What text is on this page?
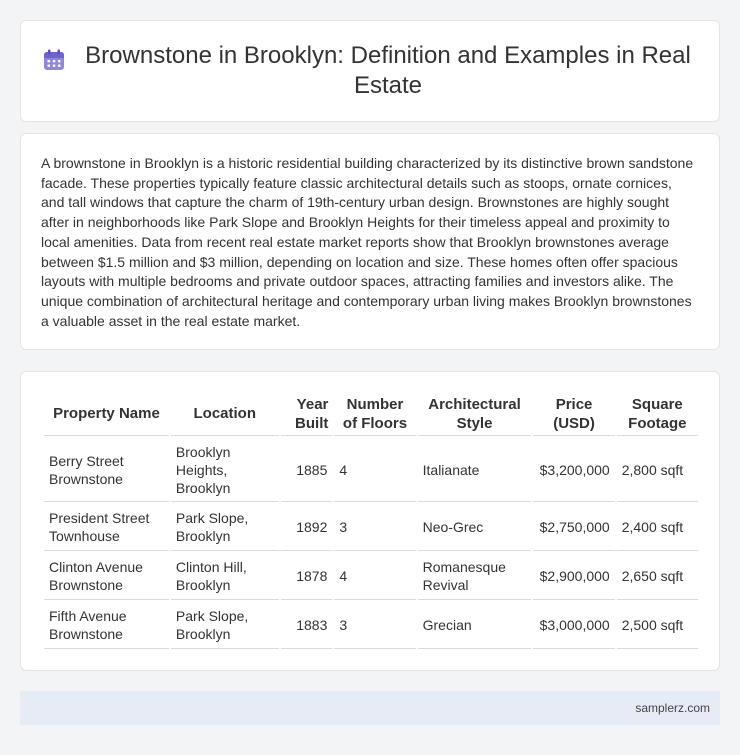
Brownstone in Brooklyn: Definition and Examples in Real Estate

A brownstone in Brooklyn is a historic residential building characterized by its distinctive brown sandstone facade. These properties typically feature classic architectural details such as stoops, ornate cornices, and tall windows that capture the charm of 19th-century urban design. Brownstones are highly sought after in neighborhoods like Park Slope and Brooklyn Heights for their timeless appeal and proximity to local amenities. Data from recent real estate market reports show that Brooklyn brownstones average between $1.5 million and $3 million, depending on location and size. These homes often offer spacious layouts with multiple bedrooms and private outdoor spaces, attracting families and investors alike. The unique combination of architectural heritage and contemporary urban living makes Brooklyn brownstones a valuable asset in the real estate market.

Property Name	Location	Year Built	Number of Floors	Architectural Style	Price (USD)	Square Footage
Berry Street Brownstone	Brooklyn Heights, Brooklyn	1885	4	Italianate	$3,200,000	2,800 sqft
President Street Townhouse	Park Slope, Brooklyn	1892	3	Neo-Grec	$2,750,000	2,400 sqft
Clinton Avenue Brownstone	Clinton Hill, Brooklyn	1878	4	Romanesque Revival	$2,900,000	2,650 sqft
Fifth Avenue Brownstone	Park Slope, Brooklyn	1883	3	Grecian	$3,000,000	2,500 sqft
samplerz.com
